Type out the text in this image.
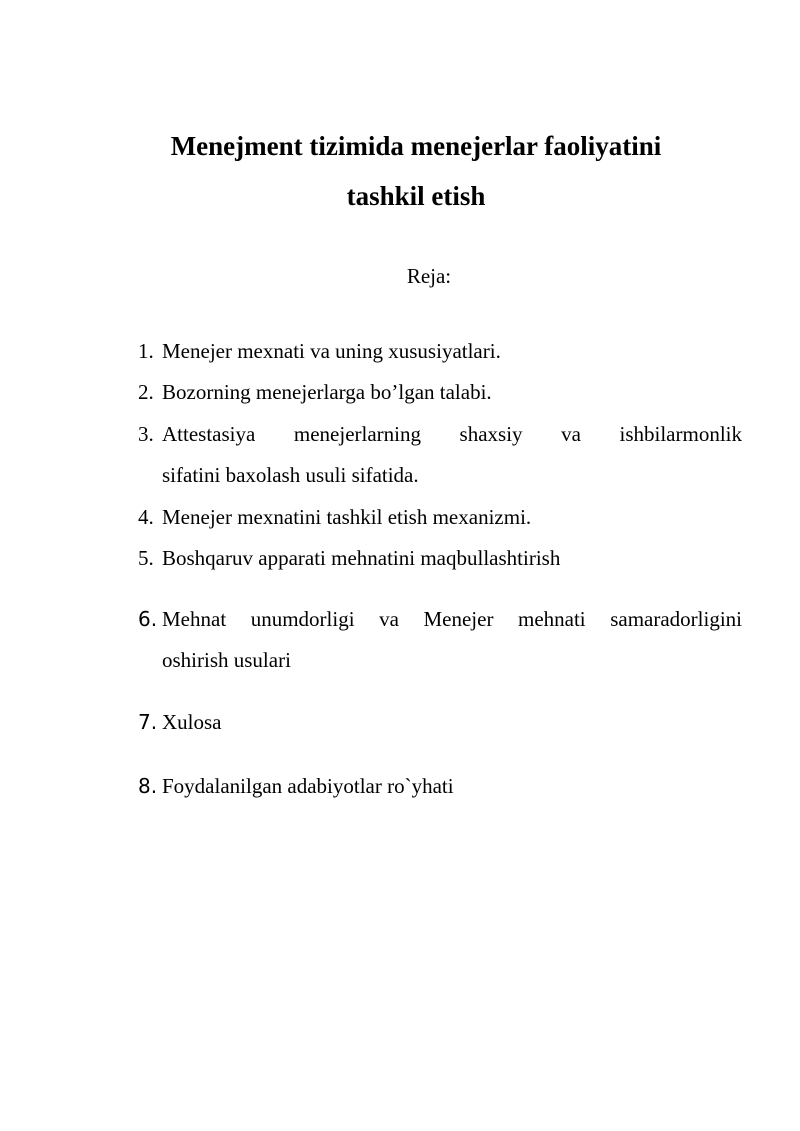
Menejment tizimida menejerlar faoliyatini
tashkil etish
Reja:
1. Menejer mexnati va uning xususiyatlari.
2. Bozorning menejerlarga bo’lgan talabi.
3. Attestasiya menejerlarning shaxsiy va ishbilarmonlik
sifatini baxolash usuli sifatida.
4. Menejer mexnatini tashkil etish mexanizmi.
5. Boshqaruv apparati mehnatini maqbullashtirish
6. Mehnat unumdorligi va Menejer mehnati samaradorligini
oshirish usulari
7. Xulosa
8. Foydalanilgan adabiyotlar ro`yhati
